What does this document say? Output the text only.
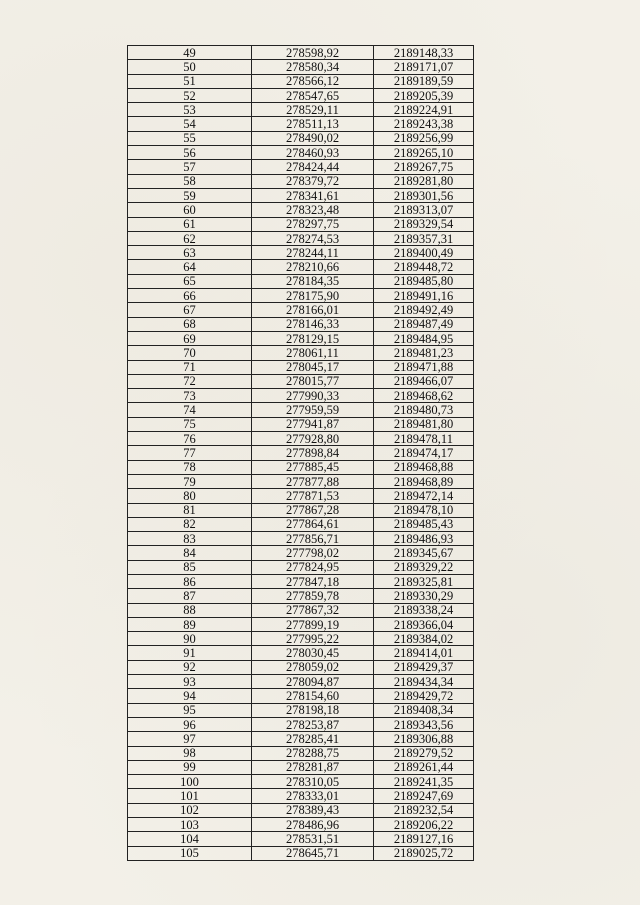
49	278598,92	2189148,33
50	278580,34	2189171,07
51	278566,12	2189189,59
52	278547,65	2189205,39
53	278529,11	2189224,91
54	278511,13	2189243,38
55	278490,02	2189256,99
56	278460,93	2189265,10
57	278424,44	2189267,75
58	278379,72	2189281,80
59	278341,61	2189301,56
60	278323,48	2189313,07
61	278297,75	2189329,54
62	278274,53	2189357,31
63	278244,11	2189400,49
64	278210,66	2189448,72
65	278184,35	2189485,80
66	278175,90	2189491,16
67	278166,01	2189492,49
68	278146,33	2189487,49
69	278129,15	2189484,95
70	278061,11	2189481,23
71	278045,17	2189471,88
72	278015,77	2189466,07
73	277990,33	2189468,62
74	277959,59	2189480,73
75	277941,87	2189481,80
76	277928,80	2189478,11
77	277898,84	2189474,17
78	277885,45	2189468,88
79	277877,88	2189468,89
80	277871,53	2189472,14
81	277867,28	2189478,10
82	277864,61	2189485,43
83	277856,71	2189486,93
84	277798,02	2189345,67
85	277824,95	2189329,22
86	277847,18	2189325,81
87	277859,78	2189330,29
88	277867,32	2189338,24
89	277899,19	2189366,04
90	277995,22	2189384,02
91	278030,45	2189414,01
92	278059,02	2189429,37
93	278094,87	2189434,34
94	278154,60	2189429,72
95	278198,18	2189408,34
96	278253,87	2189343,56
97	278285,41	2189306,88
98	278288,75	2189279,52
99	278281,87	2189261,44
100	278310,05	2189241,35
101	278333,01	2189247,69
102	278389,43	2189232,54
103	278486,96	2189206,22
104	278531,51	2189127,16
105	278645,71	2189025,72
